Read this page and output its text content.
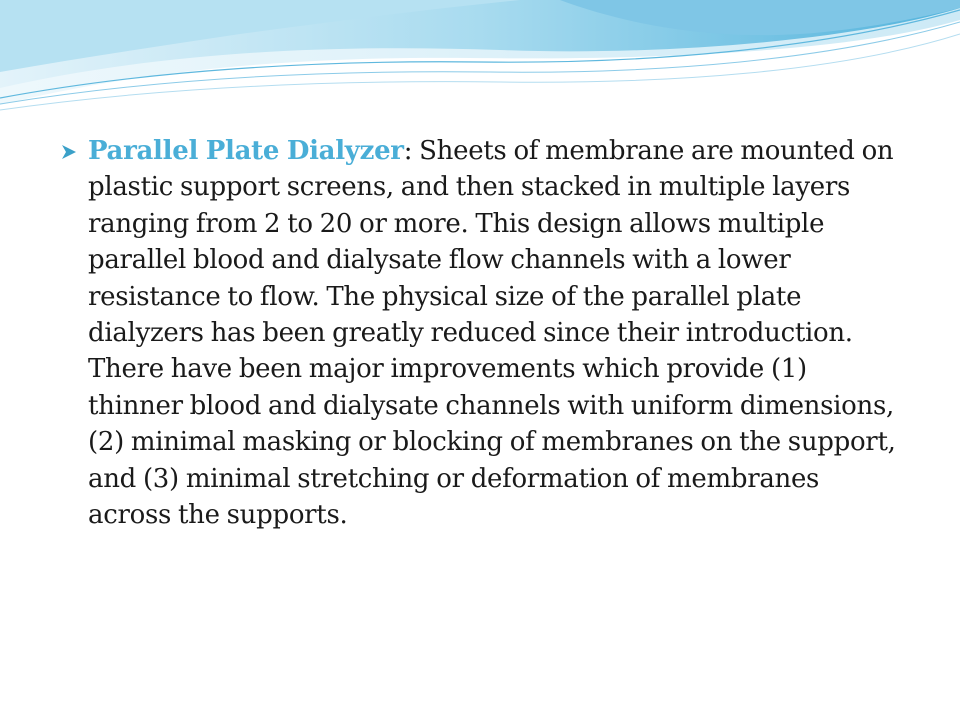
Parallel Plate Dialyzer: Sheets of membrane are mounted on plastic support screens, and then stacked in multiple layers ranging from 2 to 20 or more. This design allows multiple parallel blood and dialysate flow channels with a lower resistance to flow. The physical size of the parallel plate dialyzers has been greatly reduced since their introduction. There have been major improvements which provide (1) thinner blood and dialysate channels with uniform dimensions, (2) minimal masking or blocking of membranes on the support, and (3) minimal stretching or deformation of membranes across the supports.
